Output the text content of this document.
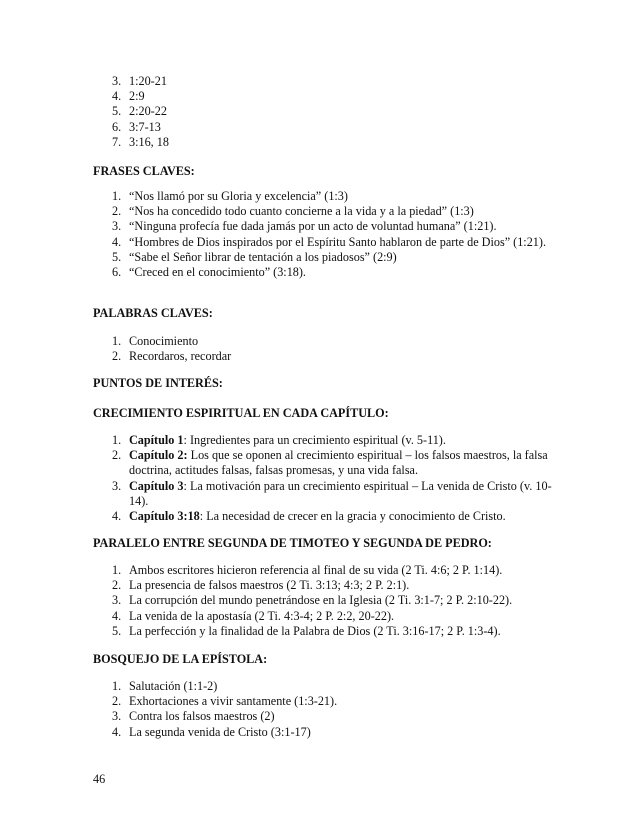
3. 1:20-21
4. 2:9
5. 2:20-22
6. 3:7-13
7. 3:16, 18
FRASES CLAVES:
1. “Nos llamó por su Gloria y excelencia” (1:3)
2. “Nos ha concedido todo cuanto concierne a la vida y a la piedad” (1:3)
3. “Ninguna profecía fue dada jamás por un acto de voluntad humana” (1:21).
4. “Hombres de Dios inspirados por el Espíritu Santo hablaron de parte de Dios” (1:21).
5. “Sabe el Señor librar de tentación a los piadosos” (2:9)
6. “Creced en el conocimiento” (3:18).
PALABRAS CLAVES:
1. Conocimiento
2. Recordaros, recordar
PUNTOS DE INTERÉS:
CRECIMIENTO ESPIRITUAL EN CADA CAPÍTULO:
1. Capítulo 1: Ingredientes para un crecimiento espiritual (v. 5-11).
2. Capítulo 2: Los que se oponen al crecimiento espiritual – los falsos maestros, la falsa doctrina, actitudes falsas, falsas promesas, y una vida falsa.
3. Capítulo 3: La motivación para un crecimiento espiritual – La venida de Cristo (v. 10-14).
4. Capítulo 3:18: La necesidad de crecer en la gracia y conocimiento de Cristo.
PARALELO ENTRE SEGUNDA DE TIMOTEO Y SEGUNDA DE PEDRO:
1. Ambos escritores hicieron referencia al final de su vida (2 Ti. 4:6; 2 P. 1:14).
2. La presencia de falsos maestros (2 Ti. 3:13; 4:3; 2 P. 2:1).
3. La corrupción del mundo penetrándose en la Iglesia (2 Ti. 3:1-7; 2 P. 2:10-22).
4. La venida de la apostasía (2 Ti. 4:3-4; 2 P. 2:2, 20-22).
5. La perfección y la finalidad de la Palabra de Dios (2 Ti. 3:16-17; 2 P. 1:3-4).
BOSQUEJO DE LA EPÍSTOLA:
1. Salutación (1:1-2)
2. Exhortaciones a vivir santamente (1:3-21).
3. Contra los falsos maestros (2)
4. La segunda venida de Cristo (3:1-17)
46
